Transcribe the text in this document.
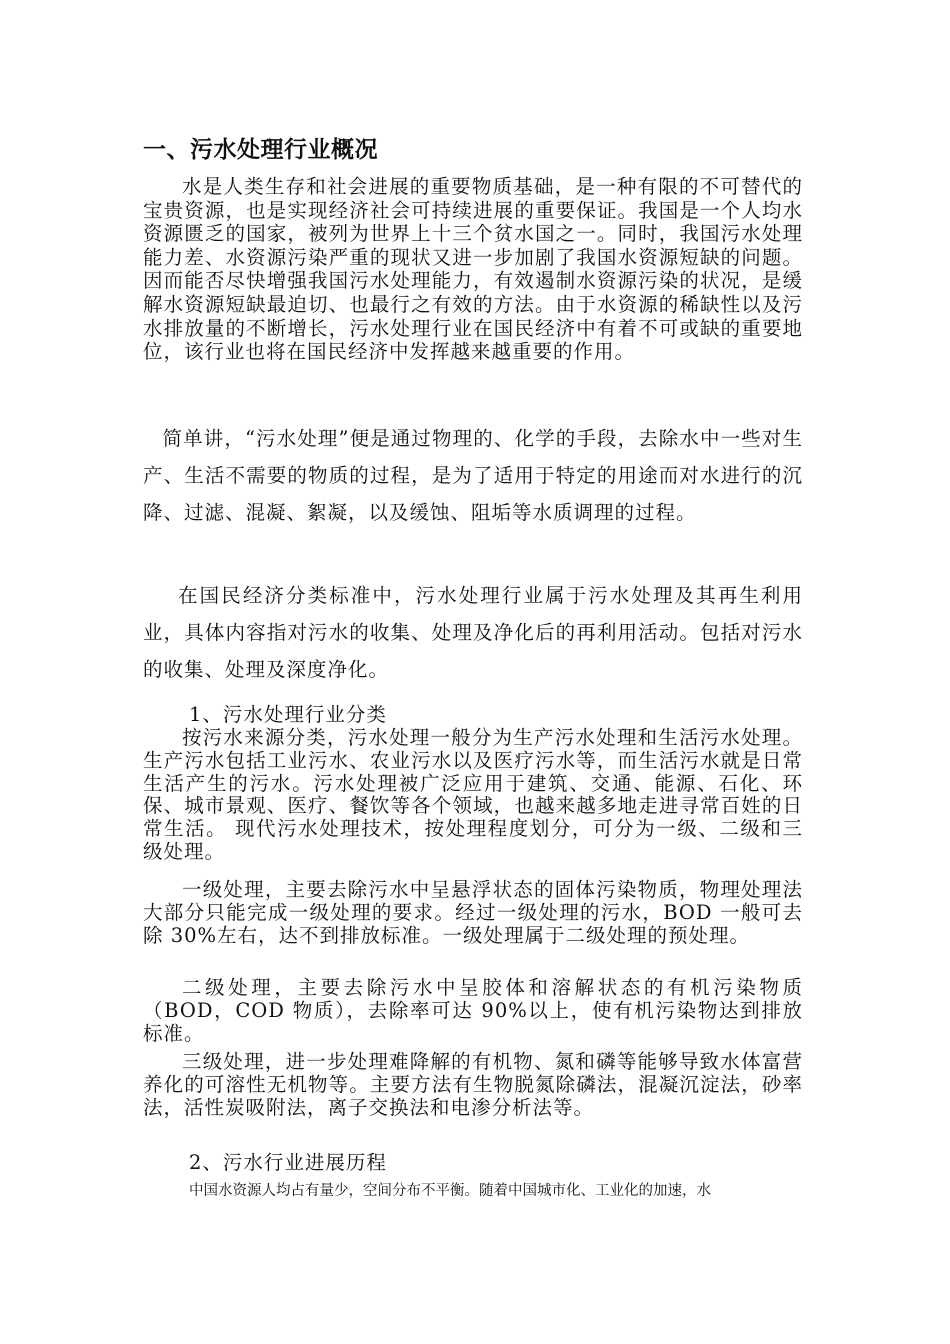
一、污水处理行业概况

水是人类生存和社会进展的重要物质基础，是一种有限的不可替代的宝贵资源，也是实现经济社会可持续进展的重要保证。我国是一个人均水资源匮乏的国家，被列为世界上十三个贫水国之一。同时，我国污水处理能力差、水资源污染严重的现状又进一步加剧了我国水资源短缺的问题。因而能否尽快增强我国污水处理能力，有效遏制水资源污染的状况，是缓解水资源短缺最迫切、也最行之有效的方法。由于水资源的稀缺性以及污水排放量的不断增长，污水处理行业在国民经济中有着不可或缺的重要地位，该行业也将在国民经济中发挥越来越重要的作用。

简单讲，“污水处理”便是通过物理的、化学的手段，去除水中一些对生产、生活不需要的物质的过程，是为了适用于特定的用途而对水进行的沉降、过滤、混凝、絮凝，以及缓蚀、阻垢等水质调理的过程。

在国民经济分类标准中，污水处理行业属于污水处理及其再生利用业，具体内容指对污水的收集、处理及净化后的再利用活动。包括对污水的收集、处理及深度净化。

1、污水处理行业分类

按污水来源分类，污水处理一般分为生产污水处理和生活污水处理。生产污水包括工业污水、农业污水以及医疗污水等，而生活污水就是日常生活产生的污水。污水处理被广泛应用于建筑、交通、能源、石化、环保、城市景观、医疗、餐饮等各个领域，也越来越多地走进寻常百姓的日常生活。 现代污水处理技术，按处理程度划分，可分为一级、二级和三级处理。

一级处理，主要去除污水中呈悬浮状态的固体污染物质，物理处理法大部分只能完成一级处理的要求。经过一级处理的污水，BOD 一般可去除 30%左右，达不到排放标准。一级处理属于二级处理的预处理。

二级处理，主要去除污水中呈胶体和溶解状态的有机污染物质（BOD，COD 物质），去除率可达 90%以上，使有机污染物达到排放标准。

三级处理，进一步处理难降解的有机物、氮和磷等能够导致水体富营养化的可溶性无机物等。主要方法有生物脱氮除磷法，混凝沉淀法，砂率法，活性炭吸附法，离子交换法和电渗分析法等。

2、污水行业进展历程

中国水资源人均占有量少，空间分布不平衡。随着中国城市化、工业化的加速，水
